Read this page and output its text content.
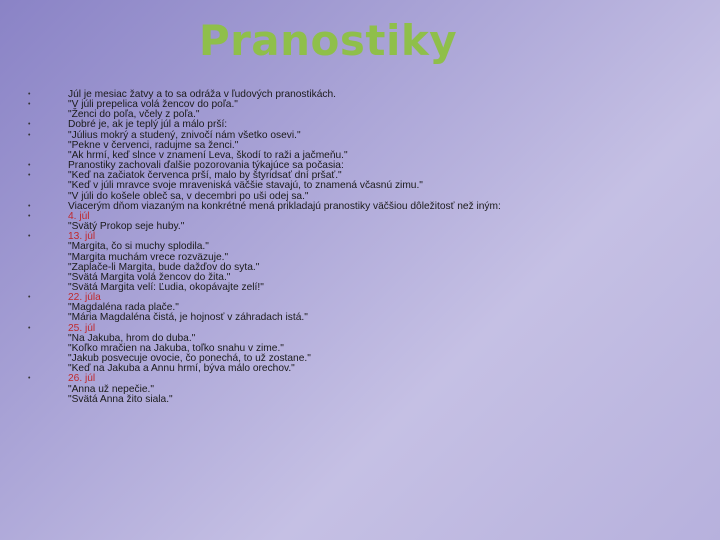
Pranostiky
•	Júl je mesiac žatvy a to sa odráža v ľudových pranostikách.
•	"V júli prepelica volá žencov do poľa."
"Ženci do poľa, včely z poľa."
•	Dobré je, ak je teplý júl a málo prší:
•	"Július mokrý a studený, znivočí nám všetko osevi."
"Pekne v červenci, radujme sa ženci."
"Ak hrmí, keď slnce v znamení Leva, škodí to raži a jačmeňu."
•	Pranostiky zachovali ďalšie pozorovania týkajúce sa počasia:
•	"Keď na začiatok červenca prší, malo by štyridsať dní pršať."
"Keď v júli mravce svoje mraveniská väčšie stavajú, to znamená včasnú zimu."
"V júli do košele obleč sa, v decembri po uši odej sa."
•	Viacerým dňom viazaným na konkrétné mená prikladajú pranostiky väčšiou dôležitosť než iným:
•	4. júl
"Svätý Prokop seje huby."
•	13. júl
"Margita, čo si muchy splodila."
"Margita muchám vrece rozväzuje."
"Zaplače-li Margita, bude dažďov do syta."
"Svätá Margita volá žencov do žita."
"Svätá Margita velí: Ľudia, okopávajte zelí!"
•	22. júla
"Magdaléna rada plače."
"Mária Magdaléna čistá, je hojnosť v záhradach istá."
•	25. júl
"Na Jakuba, hrom do duba."
"Koľko mračien na Jakuba, toľko snahu v zime."
"Jakub posvecuje ovocie, čo ponechá, to už zostane."
"Keď na Jakuba a Annu hrmí, býva málo orechov."
•	26. júl
"Anna už nepečie."
"Svätá Anna žito siala."
